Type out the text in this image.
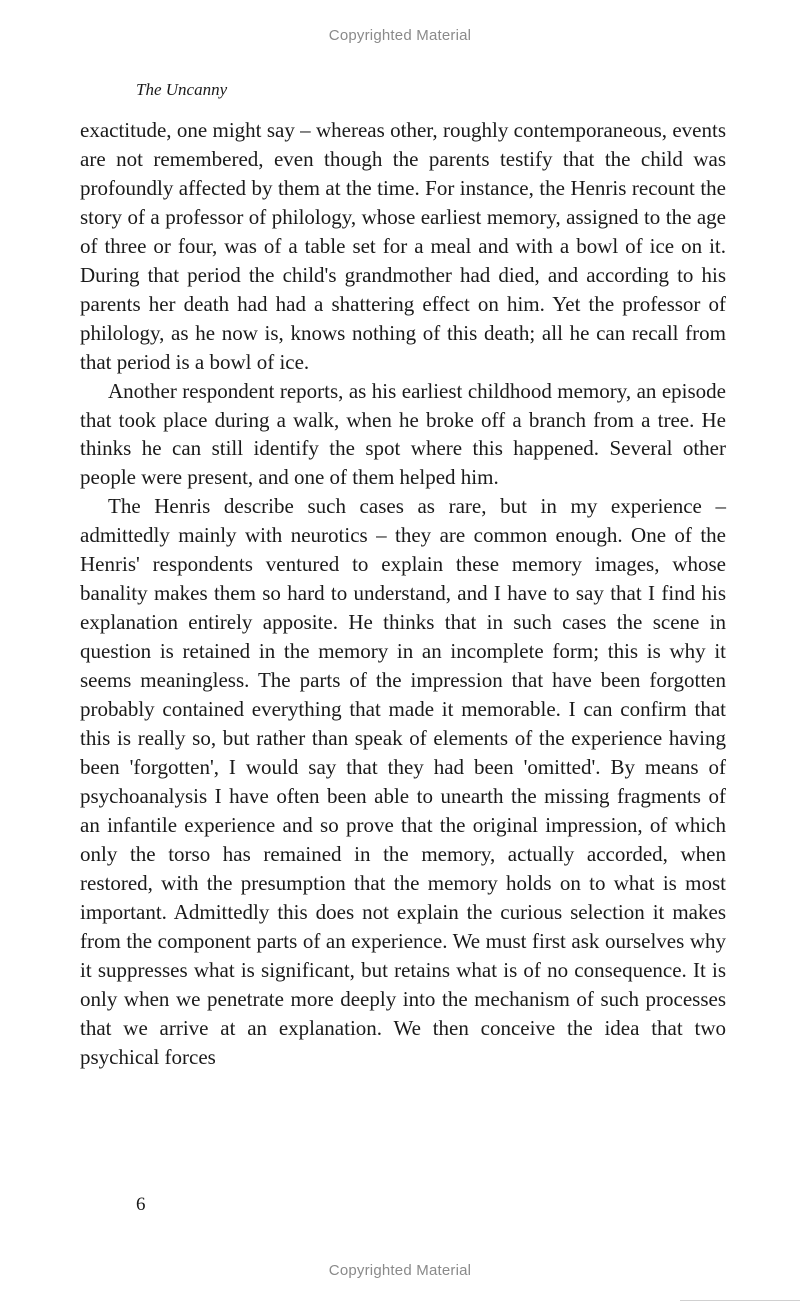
Copyrighted Material
The Uncanny

exactitude, one might say – whereas other, roughly contemporaneous, events are not remembered, even though the parents testify that the child was profoundly affected by them at the time. For instance, the Henris recount the story of a professor of philology, whose earliest memory, assigned to the age of three or four, was of a table set for a meal and with a bowl of ice on it. During that period the child's grandmother had died, and according to his parents her death had had a shattering effect on him. Yet the professor of philology, as he now is, knows nothing of this death; all he can recall from that period is a bowl of ice.

Another respondent reports, as his earliest childhood memory, an episode that took place during a walk, when he broke off a branch from a tree. He thinks he can still identify the spot where this happened. Several other people were present, and one of them helped him.

The Henris describe such cases as rare, but in my experience – admittedly mainly with neurotics – they are common enough. One of the Henris' respondents ventured to explain these memory images, whose banality makes them so hard to understand, and I have to say that I find his explanation entirely apposite. He thinks that in such cases the scene in question is retained in the memory in an incomplete form; this is why it seems meaningless. The parts of the impression that have been forgotten probably contained everything that made it memorable. I can confirm that this is really so, but rather than speak of elements of the experience having been 'forgotten', I would say that they had been 'omitted'. By means of psychoanalysis I have often been able to unearth the missing fragments of an infantile experience and so prove that the original impression, of which only the torso has remained in the memory, actually accorded, when restored, with the presumption that the memory holds on to what is most important. Admittedly this does not explain the curious selection it makes from the component parts of an experience. We must first ask ourselves why it suppresses what is significant, but retains what is of no consequence. It is only when we penetrate more deeply into the mechanism of such processes that we arrive at an explanation. We then conceive the idea that two psychical forces

6
Copyrighted Material
